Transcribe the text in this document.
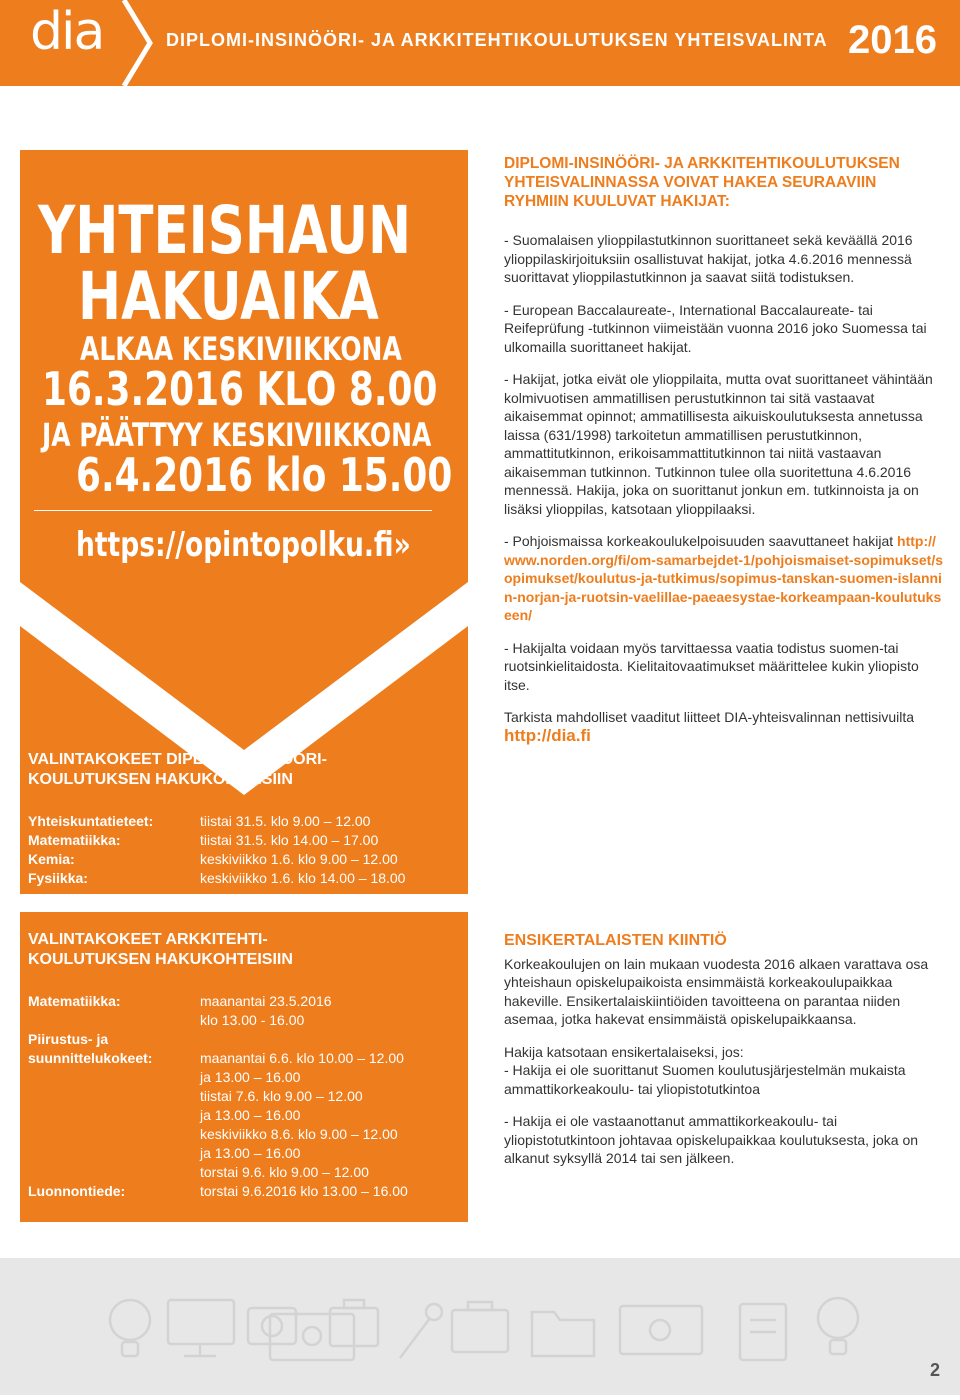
dia	DIPLOMI-INSINÖÖRI- JA ARKKITEHTIKOULUTUKSEN YHTEISVALINTA 2016
YHTEISHAUN
HAKUAIKA
ALKAA KESKIVIIKKONA
16.3.2016 KLO 8.00
JA PÄÄTTYY KESKIVIIKKONA
6.4.2016 klo 15.00
https://opintopolku.fi»
VALINTAKOKEET DIPLOMI-INSINÖÖRI-
KOULUTUKSEN HAKUKOHTEISIIN
Yhteiskuntatieteet:	tiistai 31.5. klo 9.00 – 12.00
Matematiikka:	tiistai 31.5. klo 14.00 – 17.00
Kemia:	keskiviikko 1.6. klo 9.00 – 12.00
Fysiikka:	keskiviikko 1.6. klo 14.00 – 18.00
VALINTAKOKEET ARKKITEHTI-
KOULUTUKSEN HAKUKOHTEISIIN
Matematiikka:	maanantai 23.5.2016
klo 13.00 - 16.00
Piirustus- ja
suunnittelukokeet:	maanantai 6.6. klo 10.00 – 12.00
ja 13.00 – 16.00
tiistai 7.6. klo 9.00 – 12.00
ja 13.00 – 16.00
keskiviikko 8.6. klo 9.00 – 12.00
ja 13.00 – 16.00
torstai 9.6. klo 9.00 – 12.00
Luonnontiede:	torstai 9.6.2016 klo 13.00 – 16.00
DIPLOMI-INSINÖÖRI- JA ARKKITEHTIKOULUTUKSEN YHTEISVALINNASSA VOIVAT HAKEA SEURAAVIIN RYHMIIN KUULUVAT HAKIJAT:

- Suomalaisen ylioppilastutkinnon suorittaneet sekä keväällä 2016 ylioppilaskirjoituksiin osallistuvat hakijat, jotka 4.6.2016 mennessä suorittavat ylioppilastutkinnon ja saavat siitä todistuksen.

- European Baccalaureate-, International Baccalaureate- tai Reifeprüfung -tutkinnon viimeistään vuonna 2016 joko Suomessa tai ulkomailla suorittaneet hakijat.

- Hakijat, jotka eivät ole ylioppilaita, mutta ovat suorittaneet vähintään kolmivuotisen ammatillisen perustutkinnon tai sitä vastaavat aikaisemmat opinnot; ammatillisesta aikuiskoulutuksesta annetussa laissa (631/1998) tarkoitetun ammatillisen perustutkinnon, ammattitutkinnon, erikoisammattitutkinnon tai niitä vastaavan aikaisemman tutkinnon. Tutkinnon tulee olla suoritettuna 4.6.2016 mennessä. Hakija, joka on suorittanut jonkun em. tutkinnoista ja on lisäksi ylioppilas, katsotaan ylioppilaaksi.

- Pohjoismaissa korkeakoulukelpoisuuden saavuttaneet hakijat http://www.norden.org/fi/om-samarbejdet-1/pohjoismaiset-sopimukset/sopimukset/koulutus-ja-tutkimus/sopimus-tanskan-suomen-islannin-norjan-ja-ruotsin-vaelillae-paeaesystae-korkeampaan-koulutukseen/

- Hakijalta voidaan myös tarvittaessa vaatia todistus suomen-tai ruotsinkielitaidosta. Kielitaitovaatimukset määrittelee kukin yliopisto itse.

Tarkista mahdolliset vaaditut liitteet DIA-yhteisvalinnan nettisivuilta http://dia.fi

ENSIKERTALAISTEN KIINTIÖ

Korkeakoulujen on lain mukaan vuodesta 2016 alkaen varattava osa yhteishaun opiskelupaikoista ensimmäistä korkeakoulupaikkaa hakeville. Ensikertalaiskiintiöiden tavoitteena on parantaa niiden asemaa, jotka hakevat ensimmäistä opiskelupaikkaansa.

Hakija katsotaan ensikertalaiseksi, jos:
- Hakija ei ole suorittanut Suomen koulutusjärjestelmän mukaista ammattikorkeakoulu- tai yliopistotutkintoa

- Hakija ei ole vastaanottanut ammattikorkeakoulu- tai yliopistotutkintoon johtavaa opiskelupaikkaa koulutuksesta, joka on alkanut syksyllä 2014 tai sen jälkeen.

2
